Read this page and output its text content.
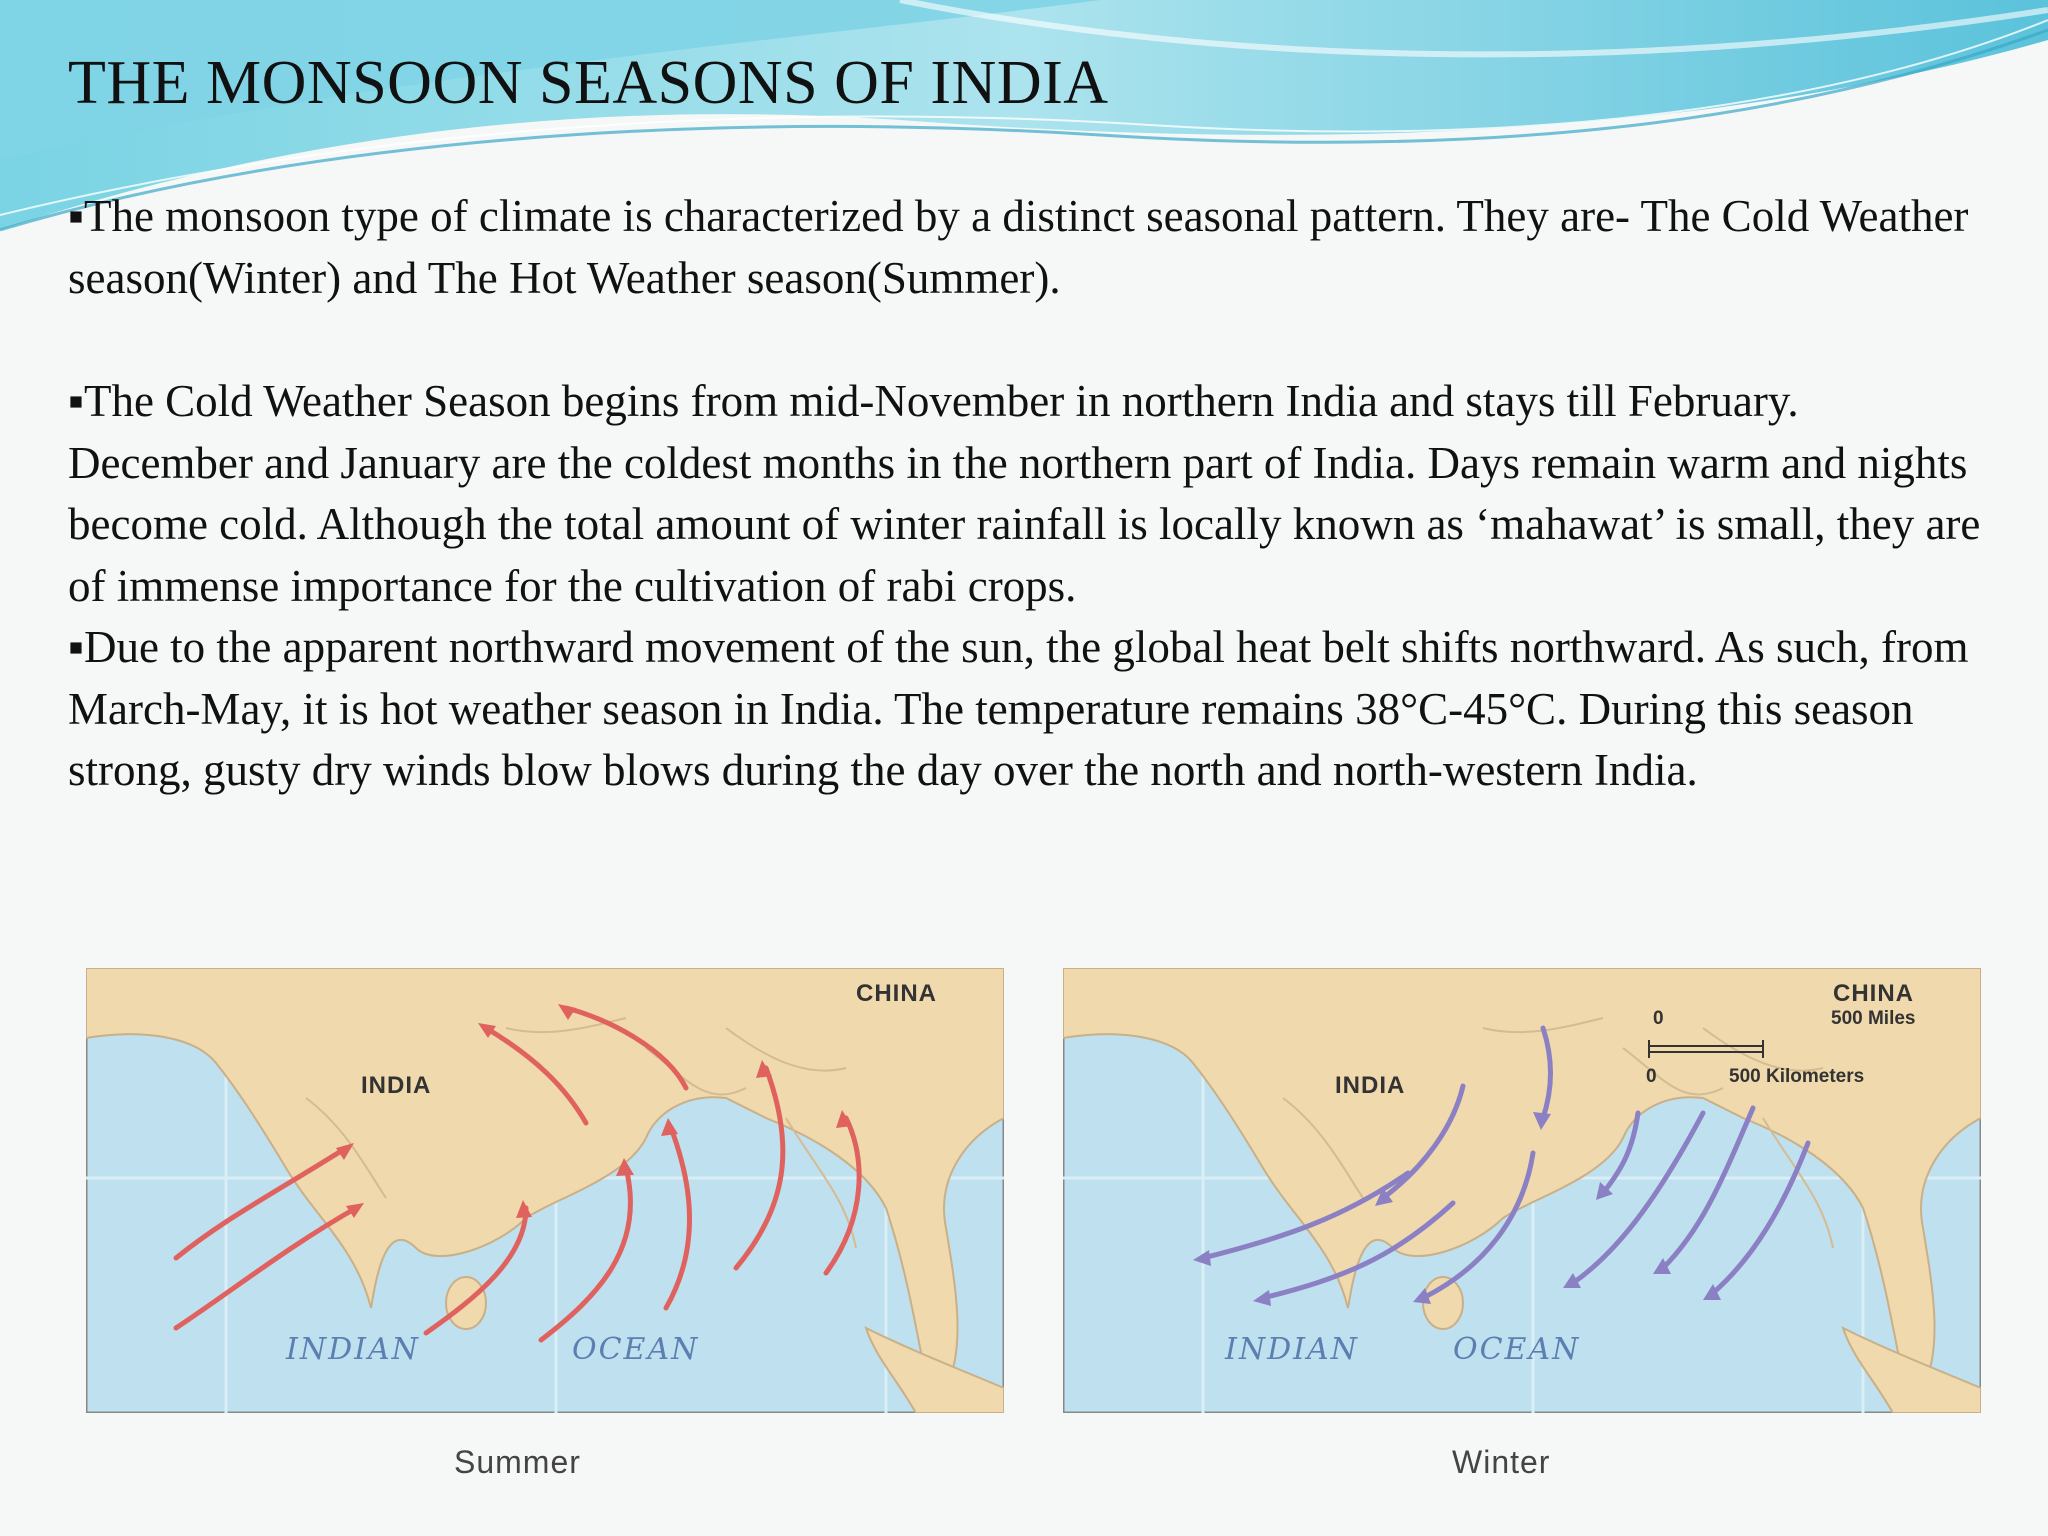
THE MONSOON SEASONS OF INDIA

▪The monsoon type of climate is characterized by a distinct seasonal pattern. They are- The Cold Weather season(Winter) and The Hot Weather season(Summer).

▪The Cold Weather Season begins from mid-November in northern India and stays till February. December and January are the coldest months in the northern part of India. Days remain warm and nights become cold. Although the total amount of winter rainfall is locally known as ‘mahawat’ is small, they are of immense importance for the cultivation of rabi crops.

▪Due to the apparent northward movement of the sun, the global heat belt shifts northward. As such, from March-May, it is hot weather season in India. The temperature remains 38°C-45°C. During this season strong, gusty dry winds blow blows during the day over the north and north-western India.

CHINA
INDIA
INDIAN	OCEAN
Summer
CHINA
0	500 Miles
0	500 Kilometers
INDIA
INDIAN	OCEAN
Winter
